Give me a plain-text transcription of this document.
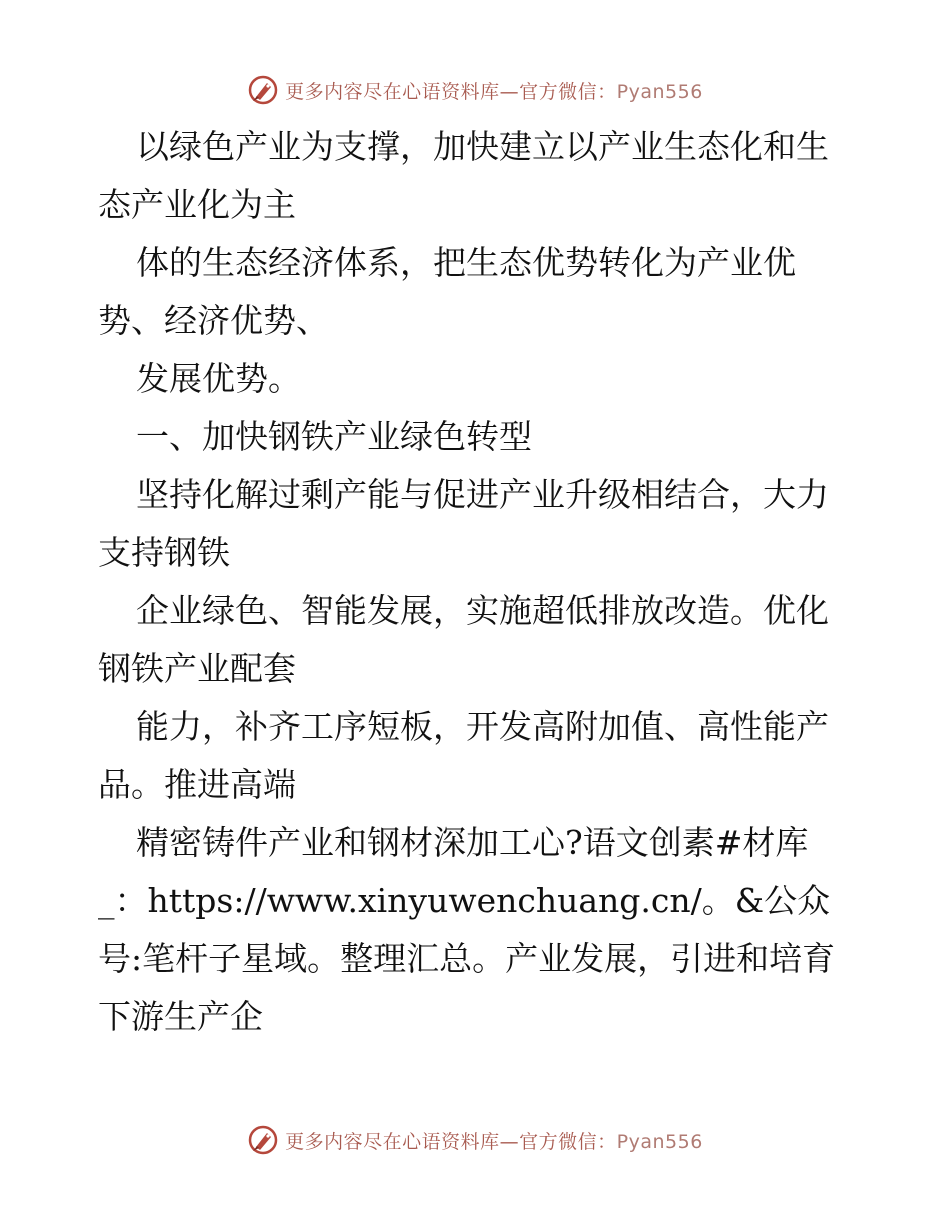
更多内容尽在心语资料库—官方微信：Pyan556

以绿色产业为支撑，加快建立以产业生态化和生态产业化为主

体的生态经济体系，把生态优势转化为产业优势、经济优势、

发展优势。

一、加快钢铁产业绿色转型

坚持化解过剩产能与促进产业升级相结合，大力支持钢铁

企业绿色、智能发展，实施超低排放改造。优化钢铁产业配套

能力，补齐工序短板，开发高附加值、高性能产品。推进高端

精密铸件产业和钢材深加工心?语文创素#材库

_：https://www.xinyuwenchuang.cn/。&公众号:笔杆子星域。整理汇总。产业发展，引进和培育下游生产企

更多内容尽在心语资料库—官方微信：Pyan556
